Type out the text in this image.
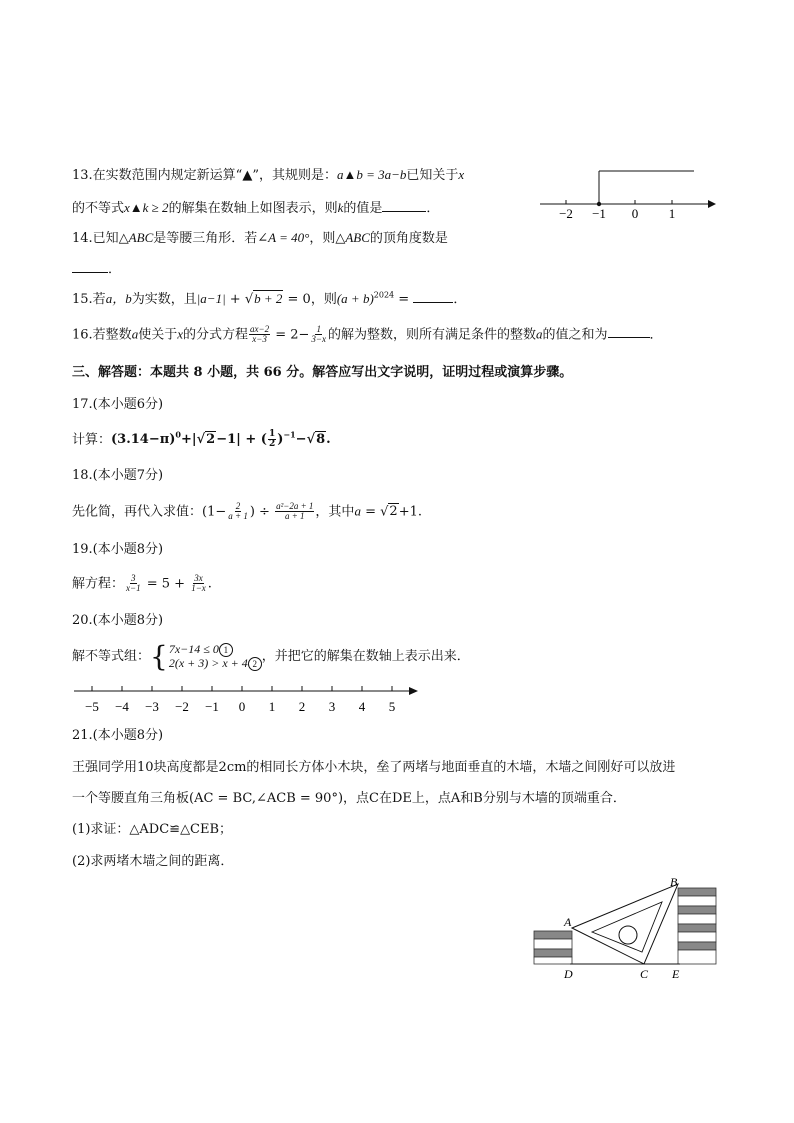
13.在实数范围内规定新运算“▲”，其规则是：a▲b = 3a−b已知关于x
的不等式x▲k ≥ 2的解集在数轴上如图表示，则k的值是	．	−2 −1 0 1
14.已知△ABC是等腰三角形．若∠A = 40°，则△ABC的顶角度数是
．
15.若a，b为实数，且|a−1| + √b + 2 = 0，则$(a + b)^{2024}$ =	．
16.若整数a使关于x的分式方程 $\frac{ax-2}{x-3} = 2- \frac{1}{3-x}$ 的解为整数，则所有满足条件的整数a的值之和为	．
三、解答题：本题共 8 小题，共 66 分。解答应写出文字说明，证明过程或演算步骤。
17.(本小题6分)
计算：$(3.14-\pi)^0+|√2-1|$ + ( $\frac{1}{2} )^{-1}-√8$.
18.(本小题7分)
先化简，再代入求值：($1- \frac{2}{a + 1}$ ) ÷ $\frac{\text{a²−2a + 1}}{a + 1}$ ，其中a = √2+1.
19.(本小题8分)
解方程： $\frac{3}{x-1} = 5 + \frac{3x}{1-x}$ .
20.(本小题8分)
解不等式组： { 7x−14 ≤ 0 1
2(x + 3) > x + 4 2 ，并把它的解集在数轴上表示出来．
−5 −4 −3 −2 −1 0 1 2 3 4 5
21.(本小题8分)
王强同学用10块高度都是2cm的相同长方体小木块，垒了两堵与地面垂直的木墙，木墙之间刚好可以放进
一个等腰直角三角板(AC = BC,∠ACB = 90°)，点C在DE上，点A和B分别与木墙的顶端重合．
(1)求证：△ADC≌△CEB；
(2)求两堵木墙之间的距离．
A
B
C
D	E
